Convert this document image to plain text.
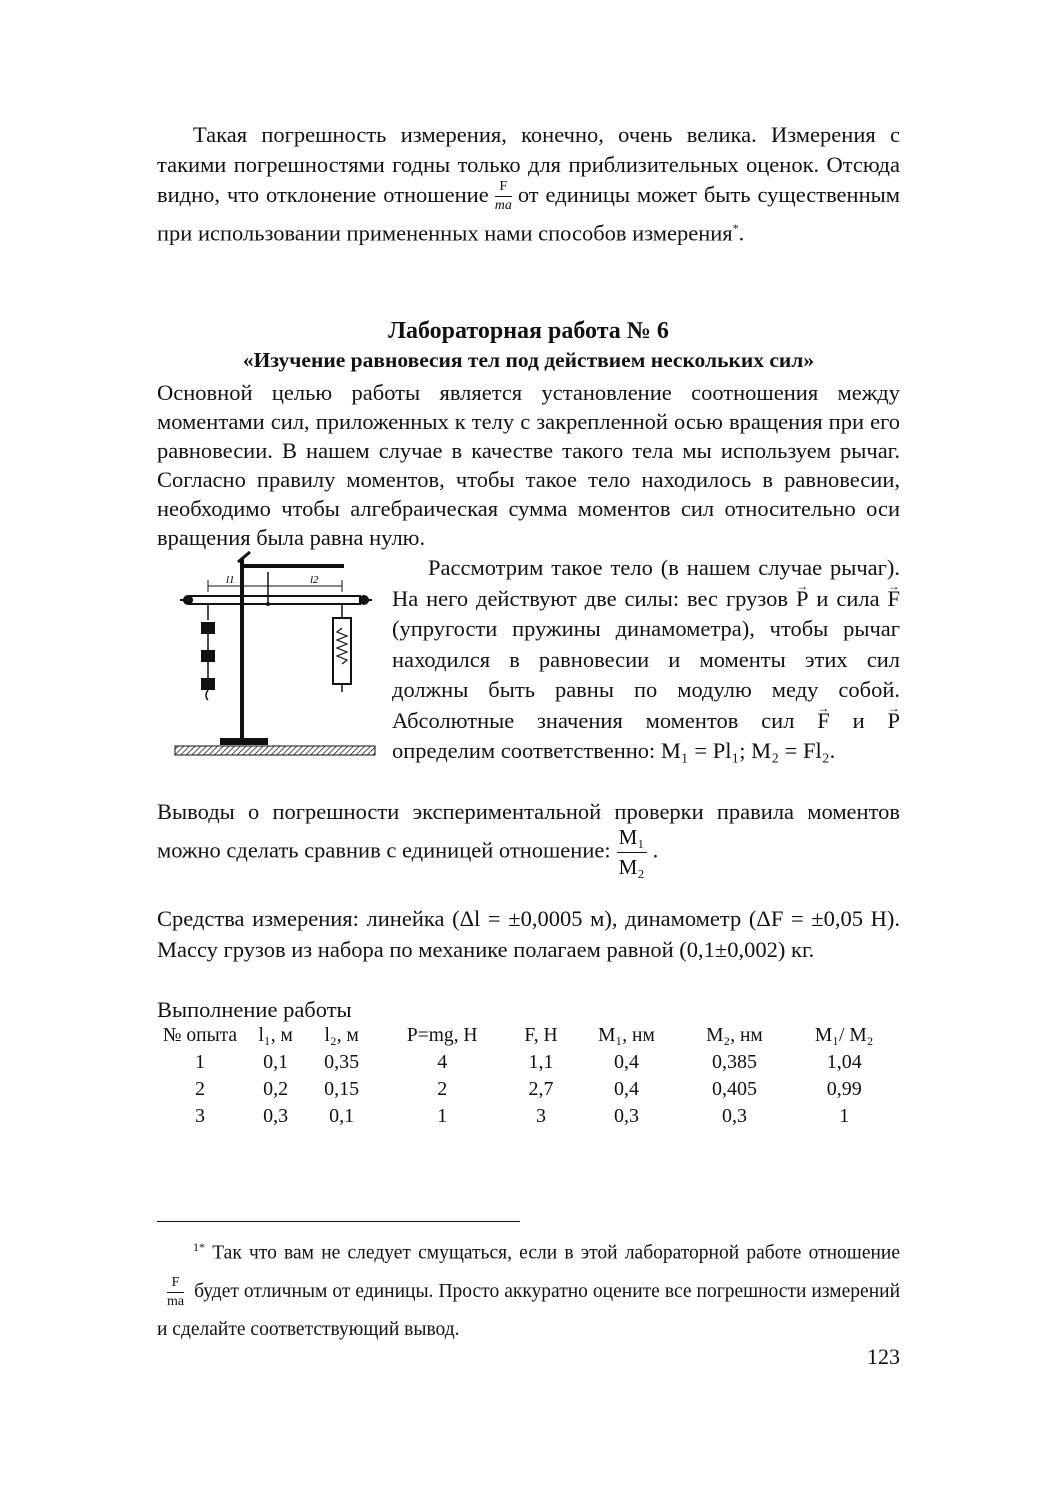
Такая погрешность измерения, конечно, очень велика. Измерения с такими погрешностями годны только для приблизительных оценок. Отсюда видно, что отклонение отношение $\frac{F}{ma}$ от единицы может быть существенным при использовании примененных нами способов измерения*.
Лабораторная работа № 6
«Изучение равновесия тел под действием нескольких сил»
Основной целью работы является установление соотношения между моментами сил, приложенных к телу с закрепленной осью вращения при его равновесии. В нашем случае в качестве такого тела мы используем рычаг. Согласно правилу моментов, чтобы такое тело находилось в равновесии, необходимо чтобы алгебраическая сумма моментов сил относительно оси вращения была равна нулю.
l1	l2	Рассмотрим такое тело (в нашем случае рычаг). На него действуют две силы: вес грузов → P и сила → F (упругости пружины динамометра), чтобы рычаг находился в равновесии и моменты этих сил должны быть равны по модулю меду собой. Абсолютные значения моментов сил → F и → P определим соответственно: M₁ = Pl₁; M₂ = Fl₂.
Выводы о погрешности экспериментальной проверки правила моментов можно сделать сравнив с единицей отношение: $\frac{\text{M₁}}{\text{M₂}}$ .
Средства измерения: линейка (Δl = ±0,0005 м), динамометр (ΔF = ±0,05 Н). Массу грузов из набора по механике полагаем равной (0,1±0,002) кг.
Выполнение работы
№ опыта	l₁, м	l₂, м	P=mg, Н	F, Н	M₁, нм	M₂, нм	M₁/ M₂
1	0,1	0,35	4	1,1	0,4	0,385	1,04
2	0,2	0,15	2	2,7	0,4	0,405	0,99
3	0,3	0,1	1	3	0,3	0,3	1
$^{1*}$ Так что вам не следует смущаться, если в этой лабораторной работе отношение
$\frac{F}{ma}$ будет отличным от единицы. Просто аккуратно оцените все погрешности измерений и сделайте соответствующий вывод.
123
